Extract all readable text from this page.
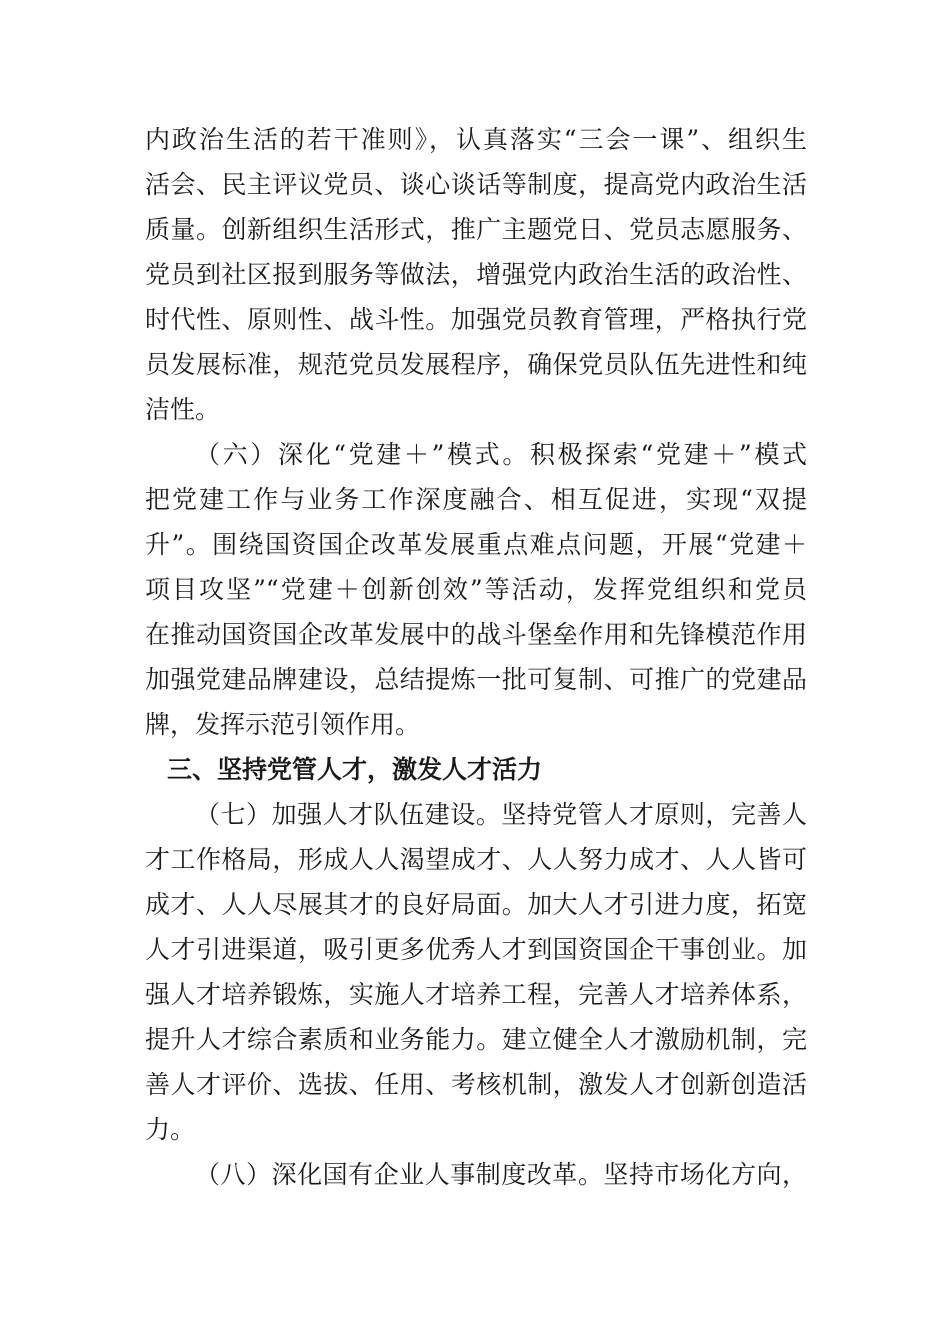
内政治生活的若干准则》，认真落实“三会一课”、组织生
活会、民主评议党员、谈心谈话等制度，提高党内政治生活
质量。创新组织生活形式，推广主题党日、党员志愿服务、
党员到社区报到服务等做法，增强党内政治生活的政治性、
时代性、原则性、战斗性。加强党员教育管理，严格执行党
员发展标准，规范党员发展程序，确保党员队伍先进性和纯
洁性。
（六）深化“党建＋”模式。积极探索“党建＋”模式
把党建工作与业务工作深度融合、相互促进，实现“双提
升”。围绕国资国企改革发展重点难点问题，开展“党建＋
项目攻坚”“党建＋创新创效”等活动，发挥党组织和党员
在推动国资国企改革发展中的战斗堡垒作用和先锋模范作用
加强党建品牌建设，总结提炼一批可复制、可推广的党建品
牌，发挥示范引领作用。
三、坚持党管人才，激发人才活力
（七）加强人才队伍建设。坚持党管人才原则，完善人
才工作格局，形成人人渴望成才、人人努力成才、人人皆可
成才、人人尽展其才的良好局面。加大人才引进力度，拓宽
人才引进渠道，吸引更多优秀人才到国资国企干事创业。加
强人才培养锻炼，实施人才培养工程，完善人才培养体系，
提升人才综合素质和业务能力。建立健全人才激励机制，完
善人才评价、选拔、任用、考核机制，激发人才创新创造活
力。
（八）深化国有企业人事制度改革。坚持市场化方向，
